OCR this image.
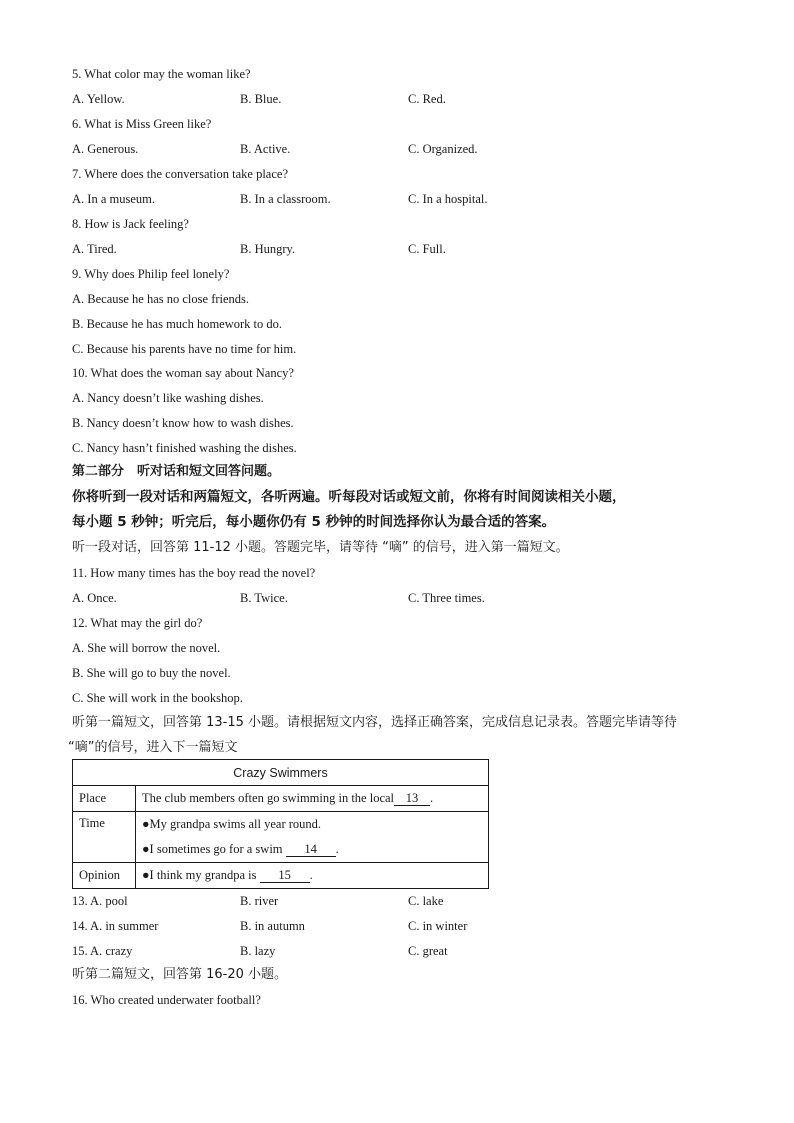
5. What color may the woman like?
A. Yellow.	B. Blue.	C. Red.
6. What is Miss Green like?
A. Generous.	B. Active.	C. Organized.
7. Where does the conversation take place?
A. In a museum.	B. In a classroom.	C. In a hospital.
8. How is Jack feeling?
A. Tired.	B. Hungry.	C. Full.
9. Why does Philip feel lonely?
A. Because he has no close friends.
B. Because he has much homework to do.
C. Because his parents have no time for him.
10. What does the woman say about Nancy?
A. Nancy doesn’t like washing dishes.
B. Nancy doesn’t know how to wash dishes.
C. Nancy hasn’t finished washing the dishes.
第二部分　听对话和短文回答问题。
你将听到一段对话和两篇短文，各听两遍。听每段对话或短文前，你将有时间阅读相关小题，
每小题 5 秒钟；听完后，每小题你仍有 5 秒钟的时间选择你认为最合适的答案。
听一段对话，回答第 11-12 小题。答题完毕，请等待 “嘀” 的信号，进入第一篇短文。
11. How many times has the boy read the novel?
A. Once.	B. Twice.	C. Three times.
12. What may the girl do?
A. She will borrow the novel.
B. She will go to buy the novel.
C. She will work in the bookshop.
听第一篇短文，回答第 13-15 小题。请根据短文内容，选择正确答案，完成信息记录表。答题完毕请等待
“嘀”的信号，进入下一篇短文
Crazy Swimmers	
Place	The club members often go swimming in the local 13 .
Time	●My grandpa swims all year round.
●I sometimes go for a swim 14 .

Opinion	●I think my grandpa is 15 .
13. A. pool	B. river	C. lake
14. A. in summer	B. in autumn	C. in winter
15. A. crazy	B. lazy	C. great
听第二篇短文，回答第 16-20 小题。
16. Who created underwater football?
